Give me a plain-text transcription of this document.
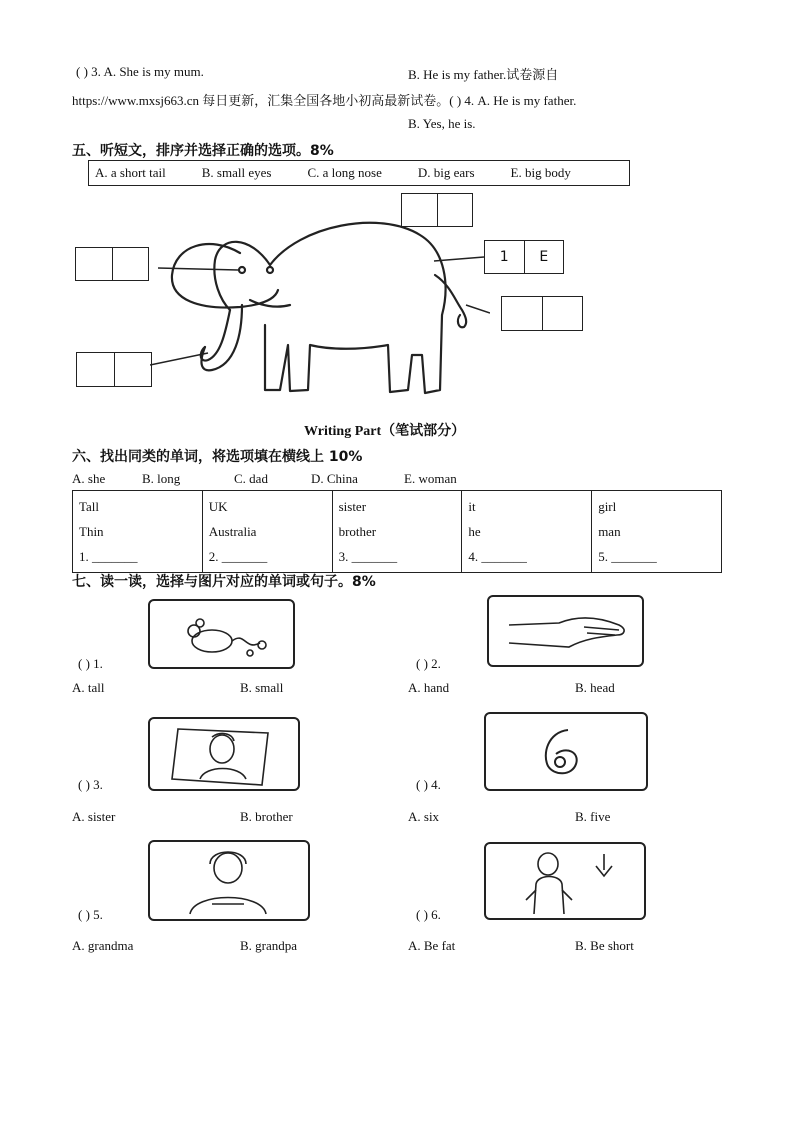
( ) 3. A. She is my mum.	B. He is my father.试卷源自
https://www.mxsj663.cn 每日更新，汇集全国各地小初高最新试卷。( ) 4. A. He is my father.
B. Yes, he is.
五、听短文，排序并选择正确的选项。8%
A. a short tail	B. small eyes	C. a long nose	D. big ears	E. big body
1	E
Writing Part（笔试部分）
六、找出同类的单词，将选项填在横线上 10%
A. she	B. long	C. dad	D. China	E. woman
Tall
Thin
1. _______

UK
Australia
2. _______

sister
brother
3. _______

it
he
4. _______

girl
man
5. _______
七、读一读，选择与图片对应的单词或句子。8%
( ) 1.
A. tall	B. small
( ) 2.
A. hand	B. head
( ) 3.
A. sister	B. brother
( ) 4.
A. six	B. five
( ) 5.
A. grandma	B. grandpa
( ) 6.
A. Be fat	B. Be short
